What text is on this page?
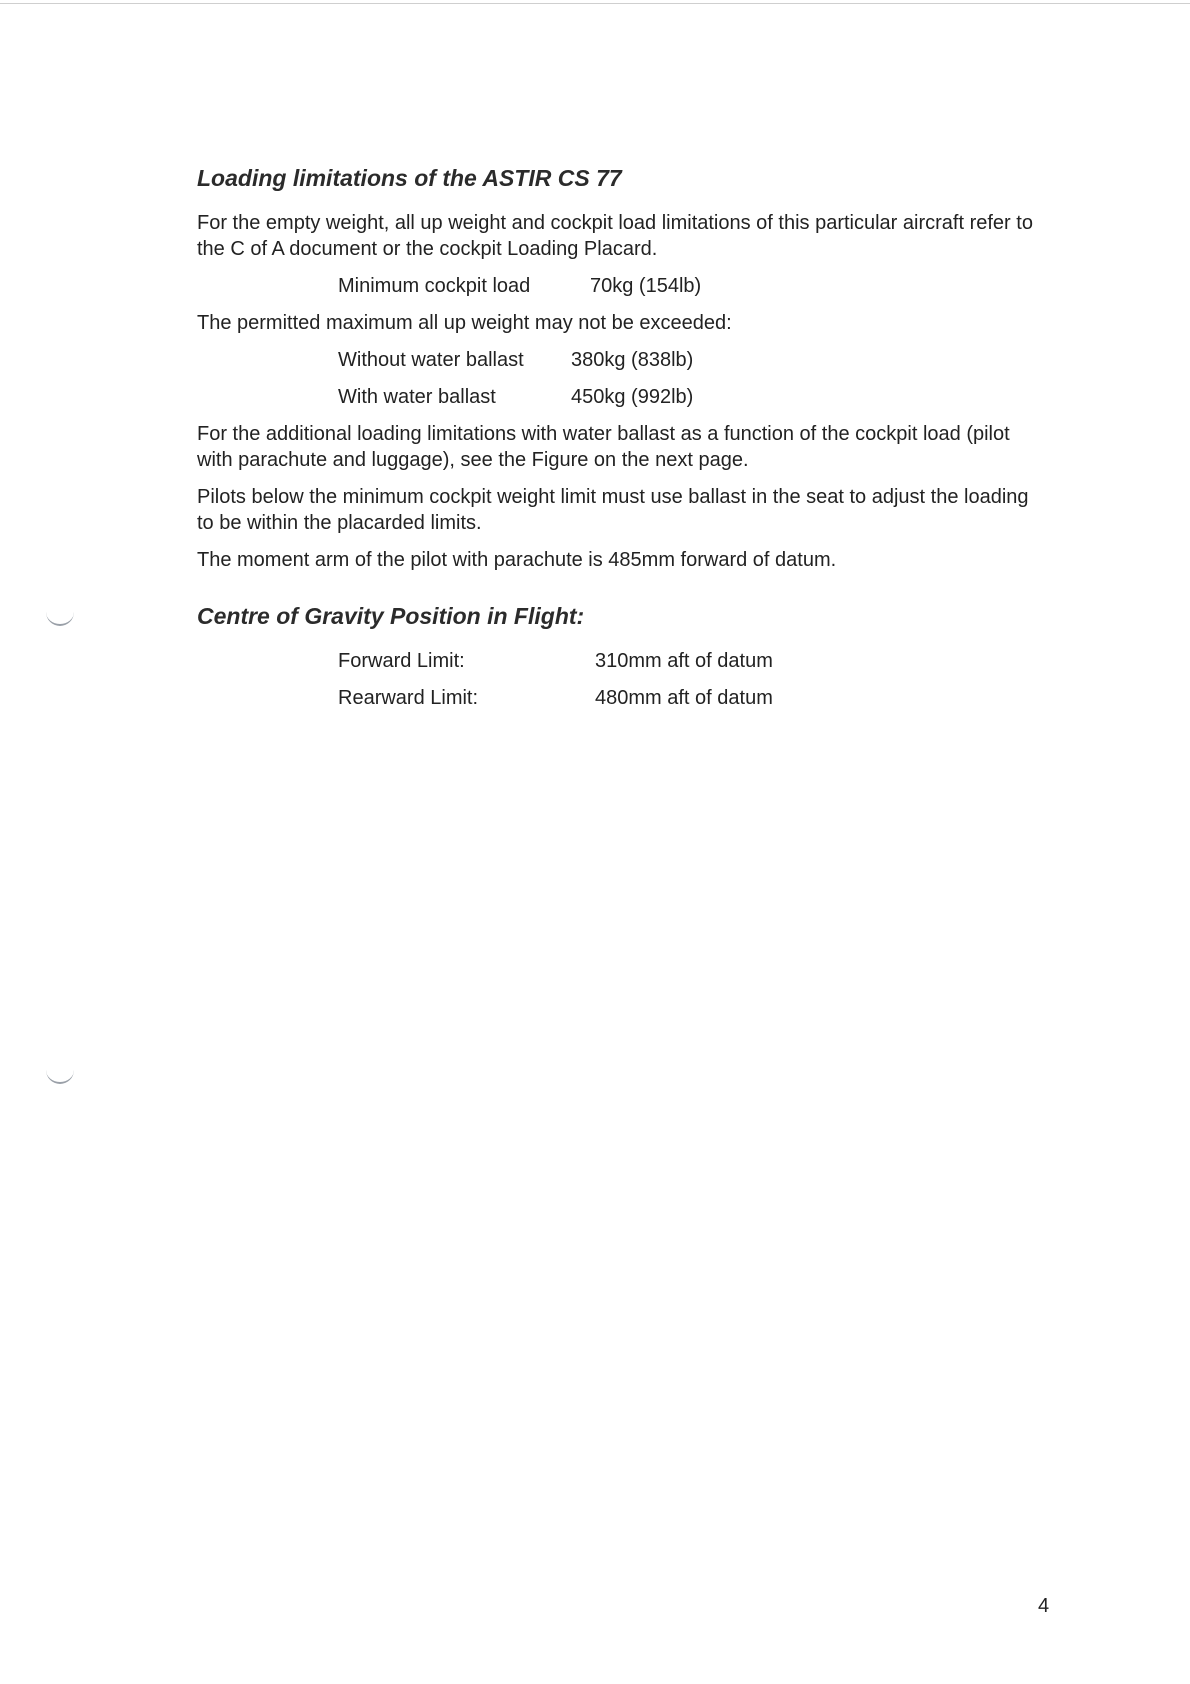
Loading limitations of the ASTIR CS 77

For the empty weight, all up weight and cockpit load limitations of this particular aircraft refer to the C of A document or the cockpit Loading Placard.

Minimum cockpit load	70kg (154lb)

The permitted maximum all up weight may not be exceeded:

Without water ballast	380kg (838lb)
With water ballast	450kg (992lb)

For the additional loading limitations with water ballast as a function of the cockpit load (pilot with parachute and luggage), see the Figure on the next page.

Pilots below the minimum cockpit weight limit must use ballast in the seat to adjust the loading to be within the placarded limits.

The moment arm of the pilot with parachute is 485mm forward of datum.

Centre of Gravity Position in Flight:
Forward Limit:	310mm aft of datum
Rearward Limit:	480mm aft of datum
4
